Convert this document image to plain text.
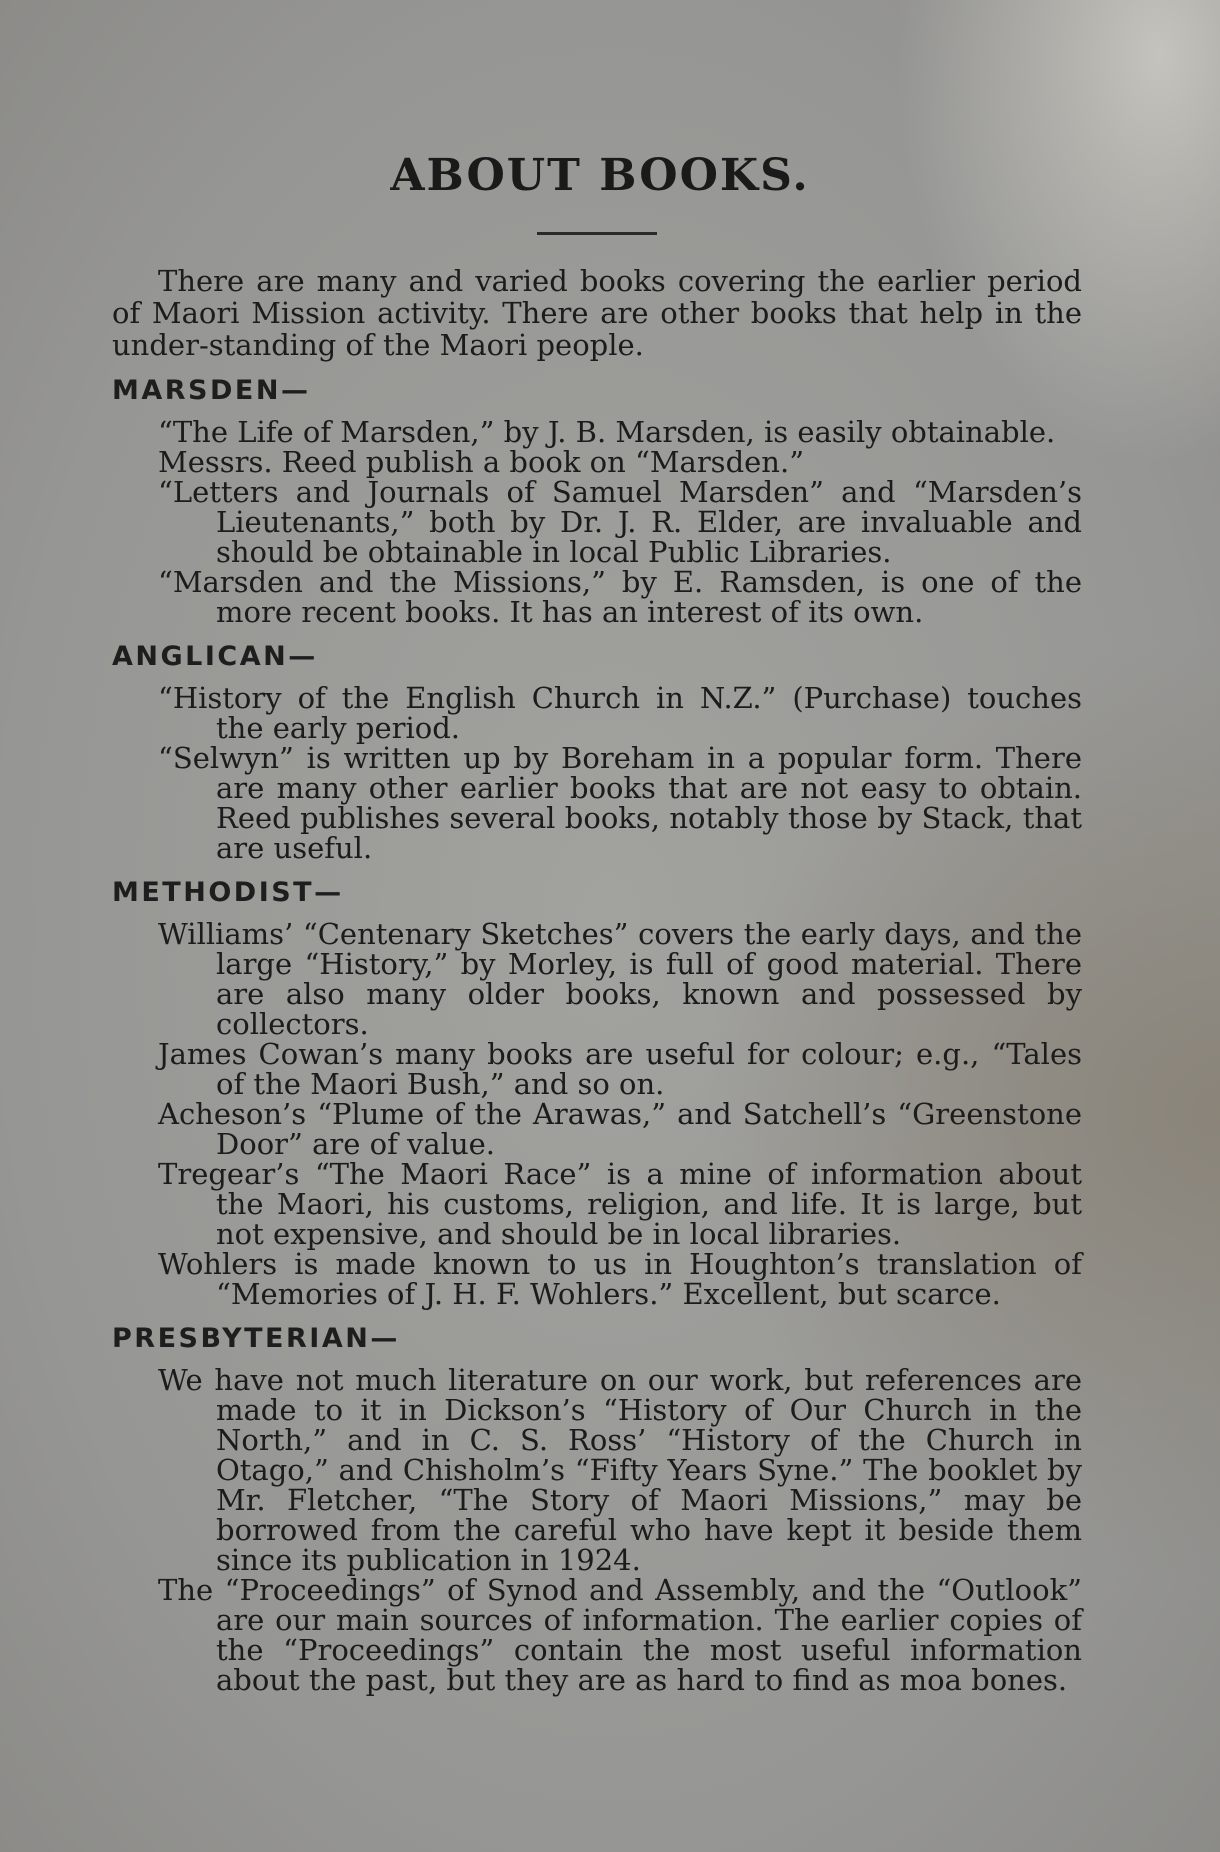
ABOUT BOOKS.

There are many and varied books covering the earlier period of Maori Mission activity. There are other books that help in the under-standing of the Maori people.

MARSDEN—

“The Life of Marsden,” by J. B. Marsden, is easily obtainable.

Messrs. Reed publish a book on “Marsden.”

“Letters and Journals of Samuel Marsden” and “Marsden’s Lieutenants,” both by Dr. J. R. Elder, are invaluable and should be obtainable in local Public Libraries.

“Marsden and the Missions,” by E. Ramsden, is one of the more recent books. It has an interest of its own.

ANGLICAN—

“History of the English Church in N.Z.” (Purchase) touches the early period.

“Selwyn” is written up by Boreham in a popular form. There are many other earlier books that are not easy to obtain. Reed publishes several books, notably those by Stack, that are useful.

METHODIST—

Williams’ “Centenary Sketches” covers the early days, and the large “History,” by Morley, is full of good material. There are also many older books, known and possessed by collectors.

James Cowan’s many books are useful for colour; e.g., “Tales of the Maori Bush,” and so on.

Acheson’s “Plume of the Arawas,” and Satchell’s “Greenstone Door” are of value.

Tregear’s “The Maori Race” is a mine of information about the Maori, his customs, religion, and life. It is large, but not expensive, and should be in local libraries.

Wohlers is made known to us in Houghton’s translation of “Memories of J. H. F. Wohlers.” Excellent, but scarce.

PRESBYTERIAN—

We have not much literature on our work, but references are made to it in Dickson’s “History of Our Church in the North,” and in C. S. Ross’ “History of the Church in Otago,” and Chisholm’s “Fifty Years Syne.” The booklet by Mr. Fletcher, “The Story of Maori Missions,” may be borrowed from the careful who have kept it beside them since its publication in 1924.

The “Proceedings” of Synod and Assembly, and the “Outlook” are our main sources of information. The earlier copies of the “Proceedings” contain the most useful information about the past, but they are as hard to find as moa bones.
